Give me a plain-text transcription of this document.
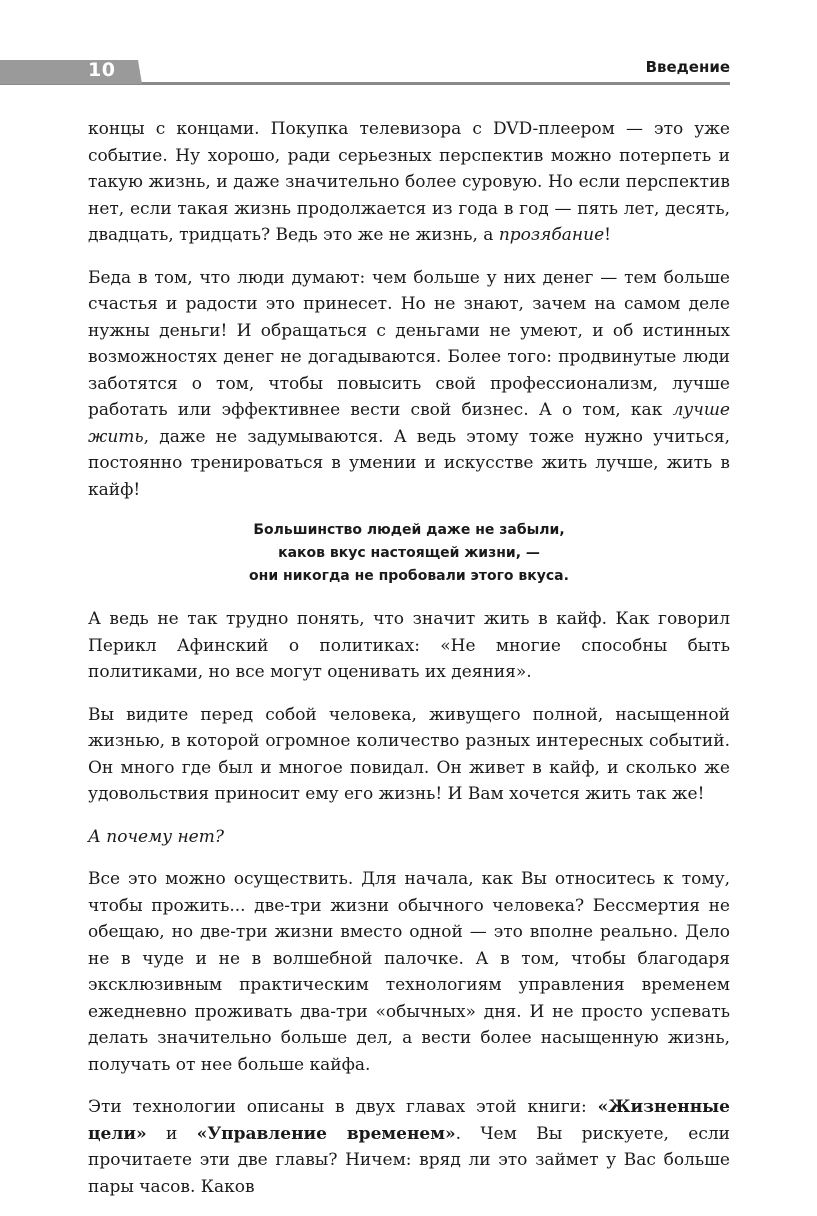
10	Введение

концы с концами. Покупка телевизора с DVD-плеером — это уже событие. Ну хорошо, ради серьезных перспектив можно потерпеть и такую жизнь, и даже значительно более суровую. Но если перспектив нет, если такая жизнь продолжается из года в год — пять лет, десять, двадцать, тридцать? Ведь это же не жизнь, а прозябание!

Беда в том, что люди думают: чем больше у них денег — тем больше счастья и радости это принесет. Но не знают, зачем на самом деле нужны деньги! И обращаться с деньгами не умеют, и об истинных возможностях денег не догадываются. Более того: продвинутые люди заботятся о том, чтобы повысить свой профессионализм, лучше работать или эффективнее вести свой бизнес. А о том, как лучше жить, даже не задумываются. А ведь этому тоже нужно учиться, постоянно тренироваться в умении и искусстве жить лучше, жить в кайф!

Большинство людей даже не забыли,
каков вкус настоящей жизни, —
они никогда не пробовали этого вкуса.

А ведь не так трудно понять, что значит жить в кайф. Как говорил Перикл Афинский о политиках: «Не многие способны быть политиками, но все могут оценивать их деяния».

Вы видите перед собой человека, живущего полной, насыщенной жизнью, в которой огромное количество разных интересных событий. Он много где был и многое повидал. Он живет в кайф, и сколько же удовольствия приносит ему его жизнь! И Вам хочется жить так же!

А почему нет?

Все это можно осуществить. Для начала, как Вы относитесь к тому, чтобы прожить... две-три жизни обычного человека? Бессмертия не обещаю, но две-три жизни вместо одной — это вполне реально. Дело не в чуде и не в волшебной палочке. А в том, чтобы благодаря эксклюзивным практическим технологиям управления временем ежедневно проживать два-три «обычных» дня. И не просто успевать делать значительно больше дел, а вести более насыщенную жизнь, получать от нее больше кайфа.

Эти технологии описаны в двух главах этой книги: «Жизненные цели» и «Управление временем». Чем Вы рискуете, если прочитаете эти две главы? Ничем: вряд ли это займет у Вас больше пары часов. Каков
